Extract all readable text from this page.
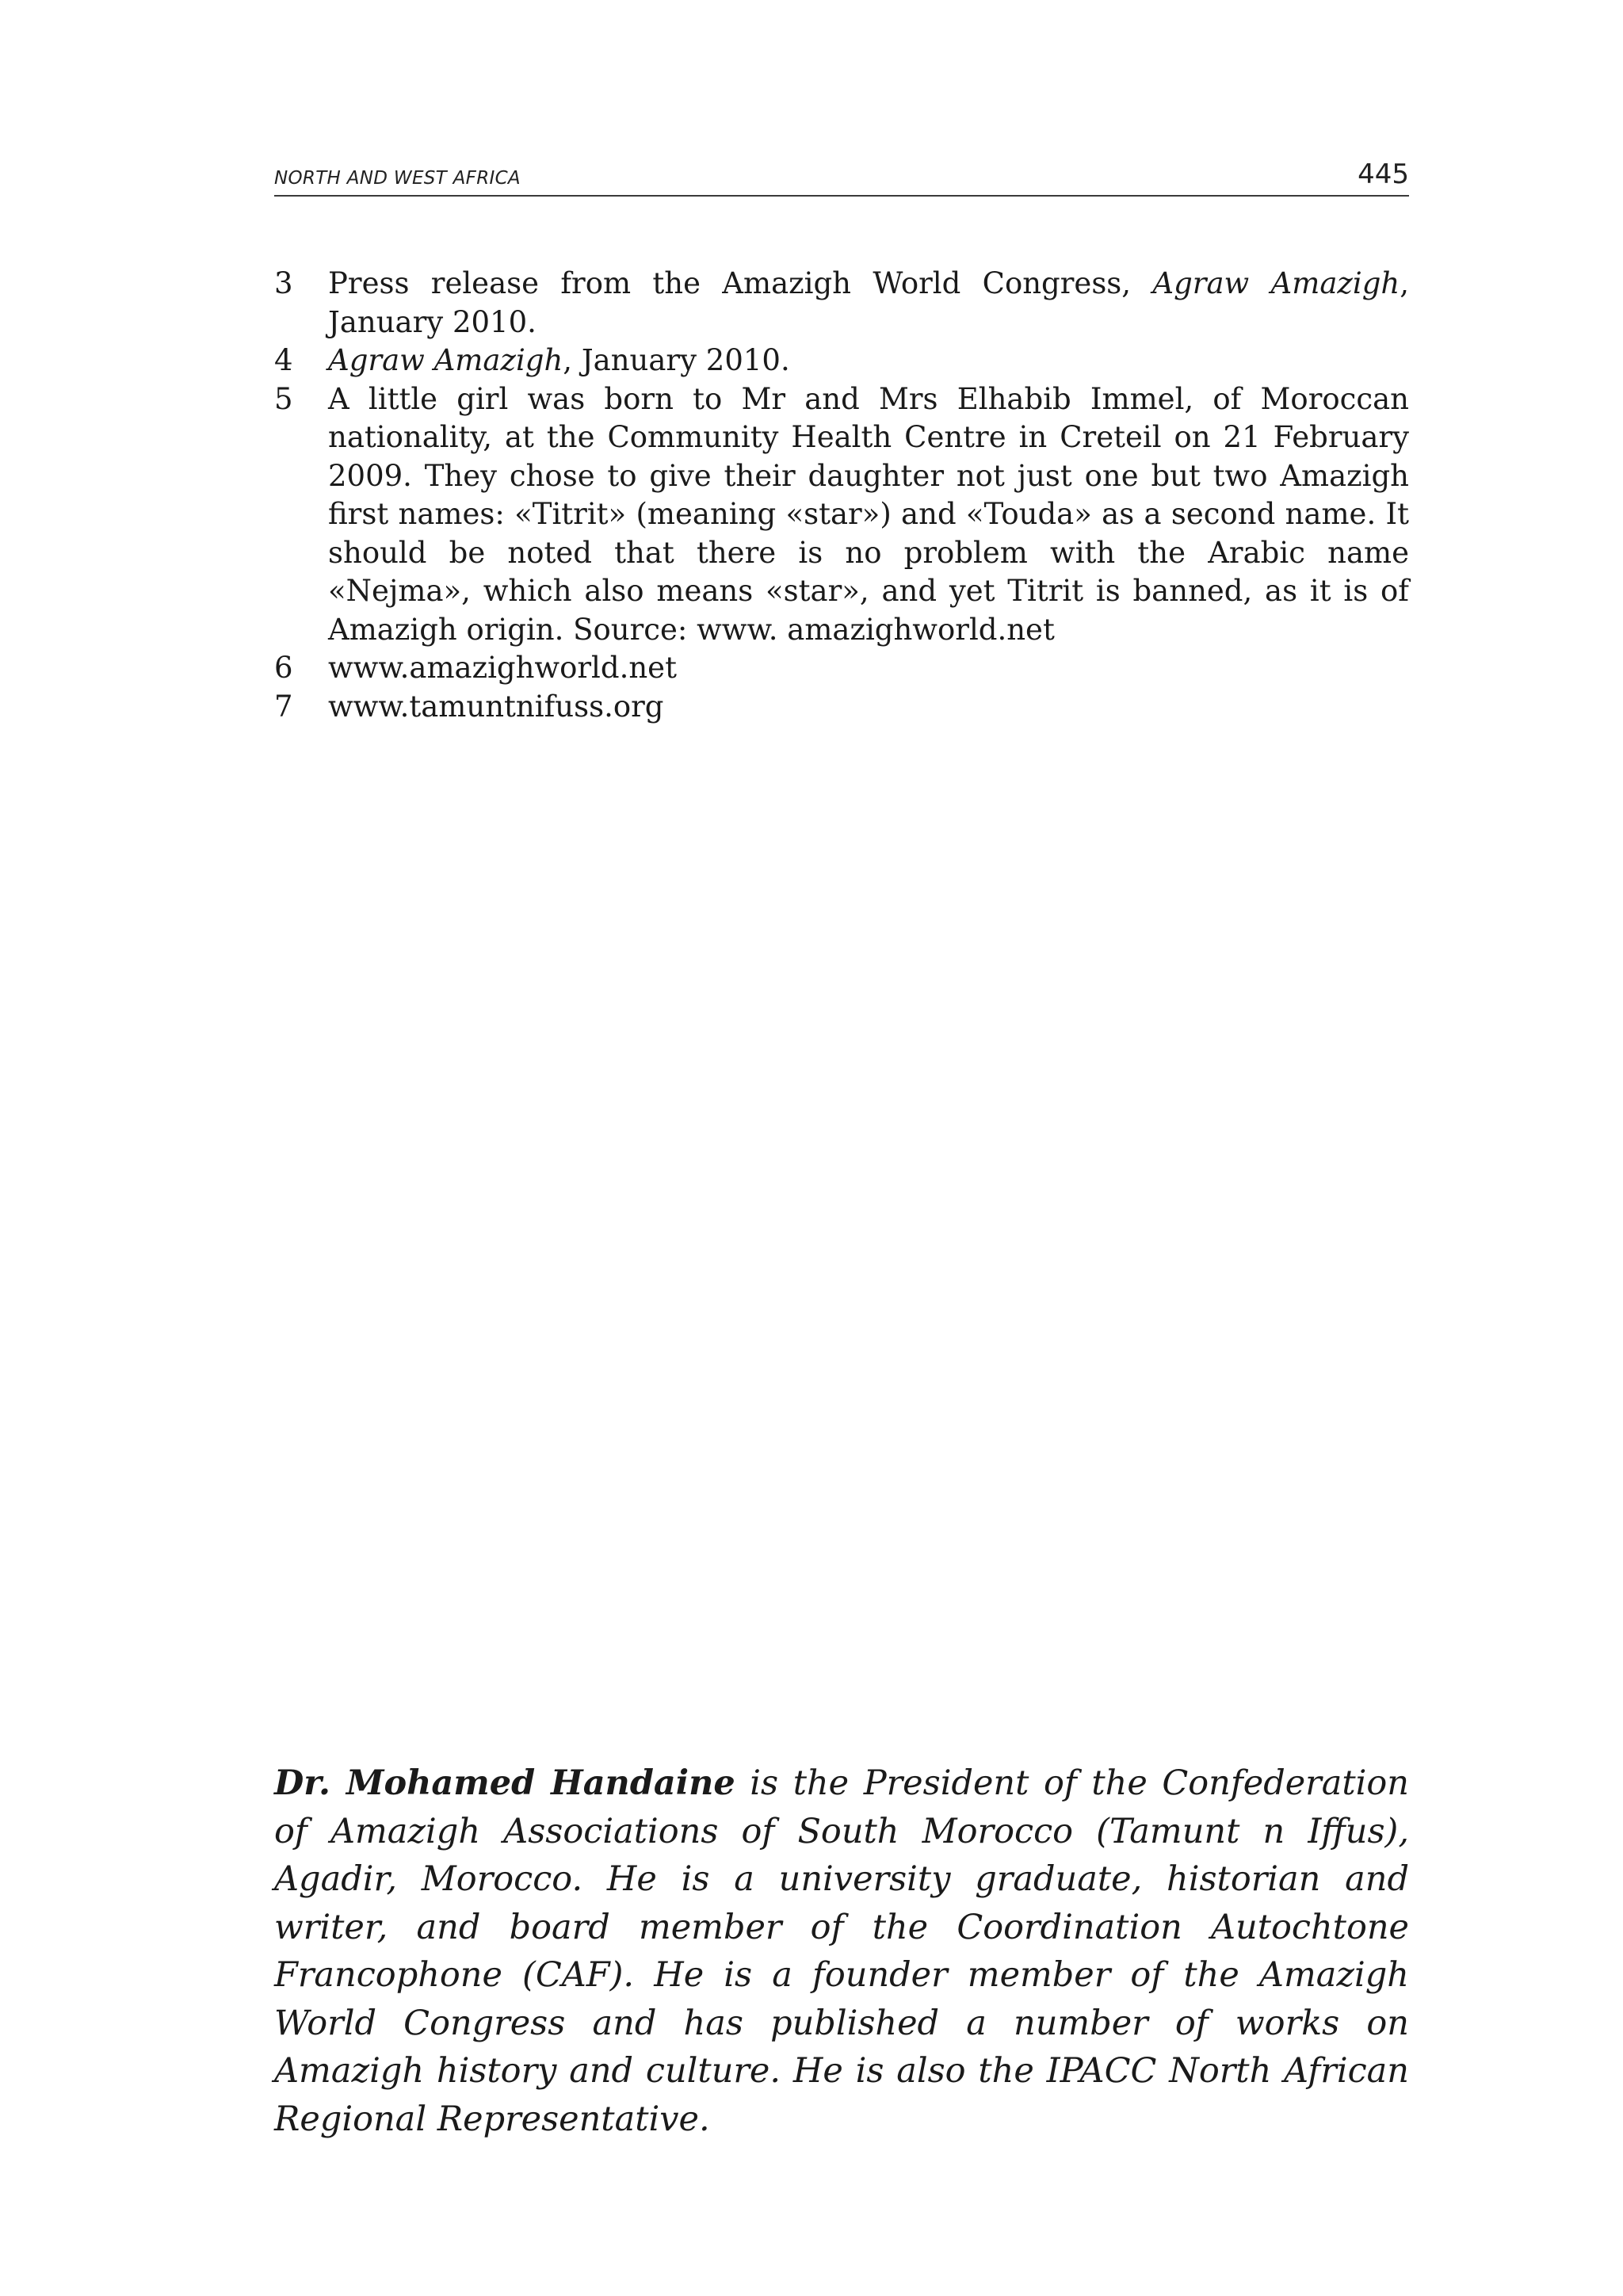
NORTH AND WEST AFRICA	445
3 Press release from the Amazigh World Congress, Agraw Amazigh, January 2010.
4 Agraw Amazigh, January 2010.
5 A little girl was born to Mr and Mrs Elhabib Immel, of Moroccan nationality, at the Community Health Centre in Creteil on 21 February 2009. They chose to give their daughter not just one but two Amazigh first names: «Titrit» (meaning «star») and «Touda» as a second name. It should be noted that there is no problem with the Arabic name «Nejma», which also means «star», and yet Titrit is banned, as it is of Amazigh origin. Source: www. amazighworld.net
6 www.amazighworld.net
7 www.tamuntnifuss.org
Dr. Mohamed Handaine is the President of the Confederation of Amazigh Associations of South Morocco (Tamunt n Iffus), Agadir, Morocco. He is a university graduate, historian and writer, and board member of the Coordination Autochtone Francophone (CAF). He is a founder member of the Amazigh World Congress and has published a number of works on Amazigh history and culture. He is also the IPACC North African Regional Representative.
